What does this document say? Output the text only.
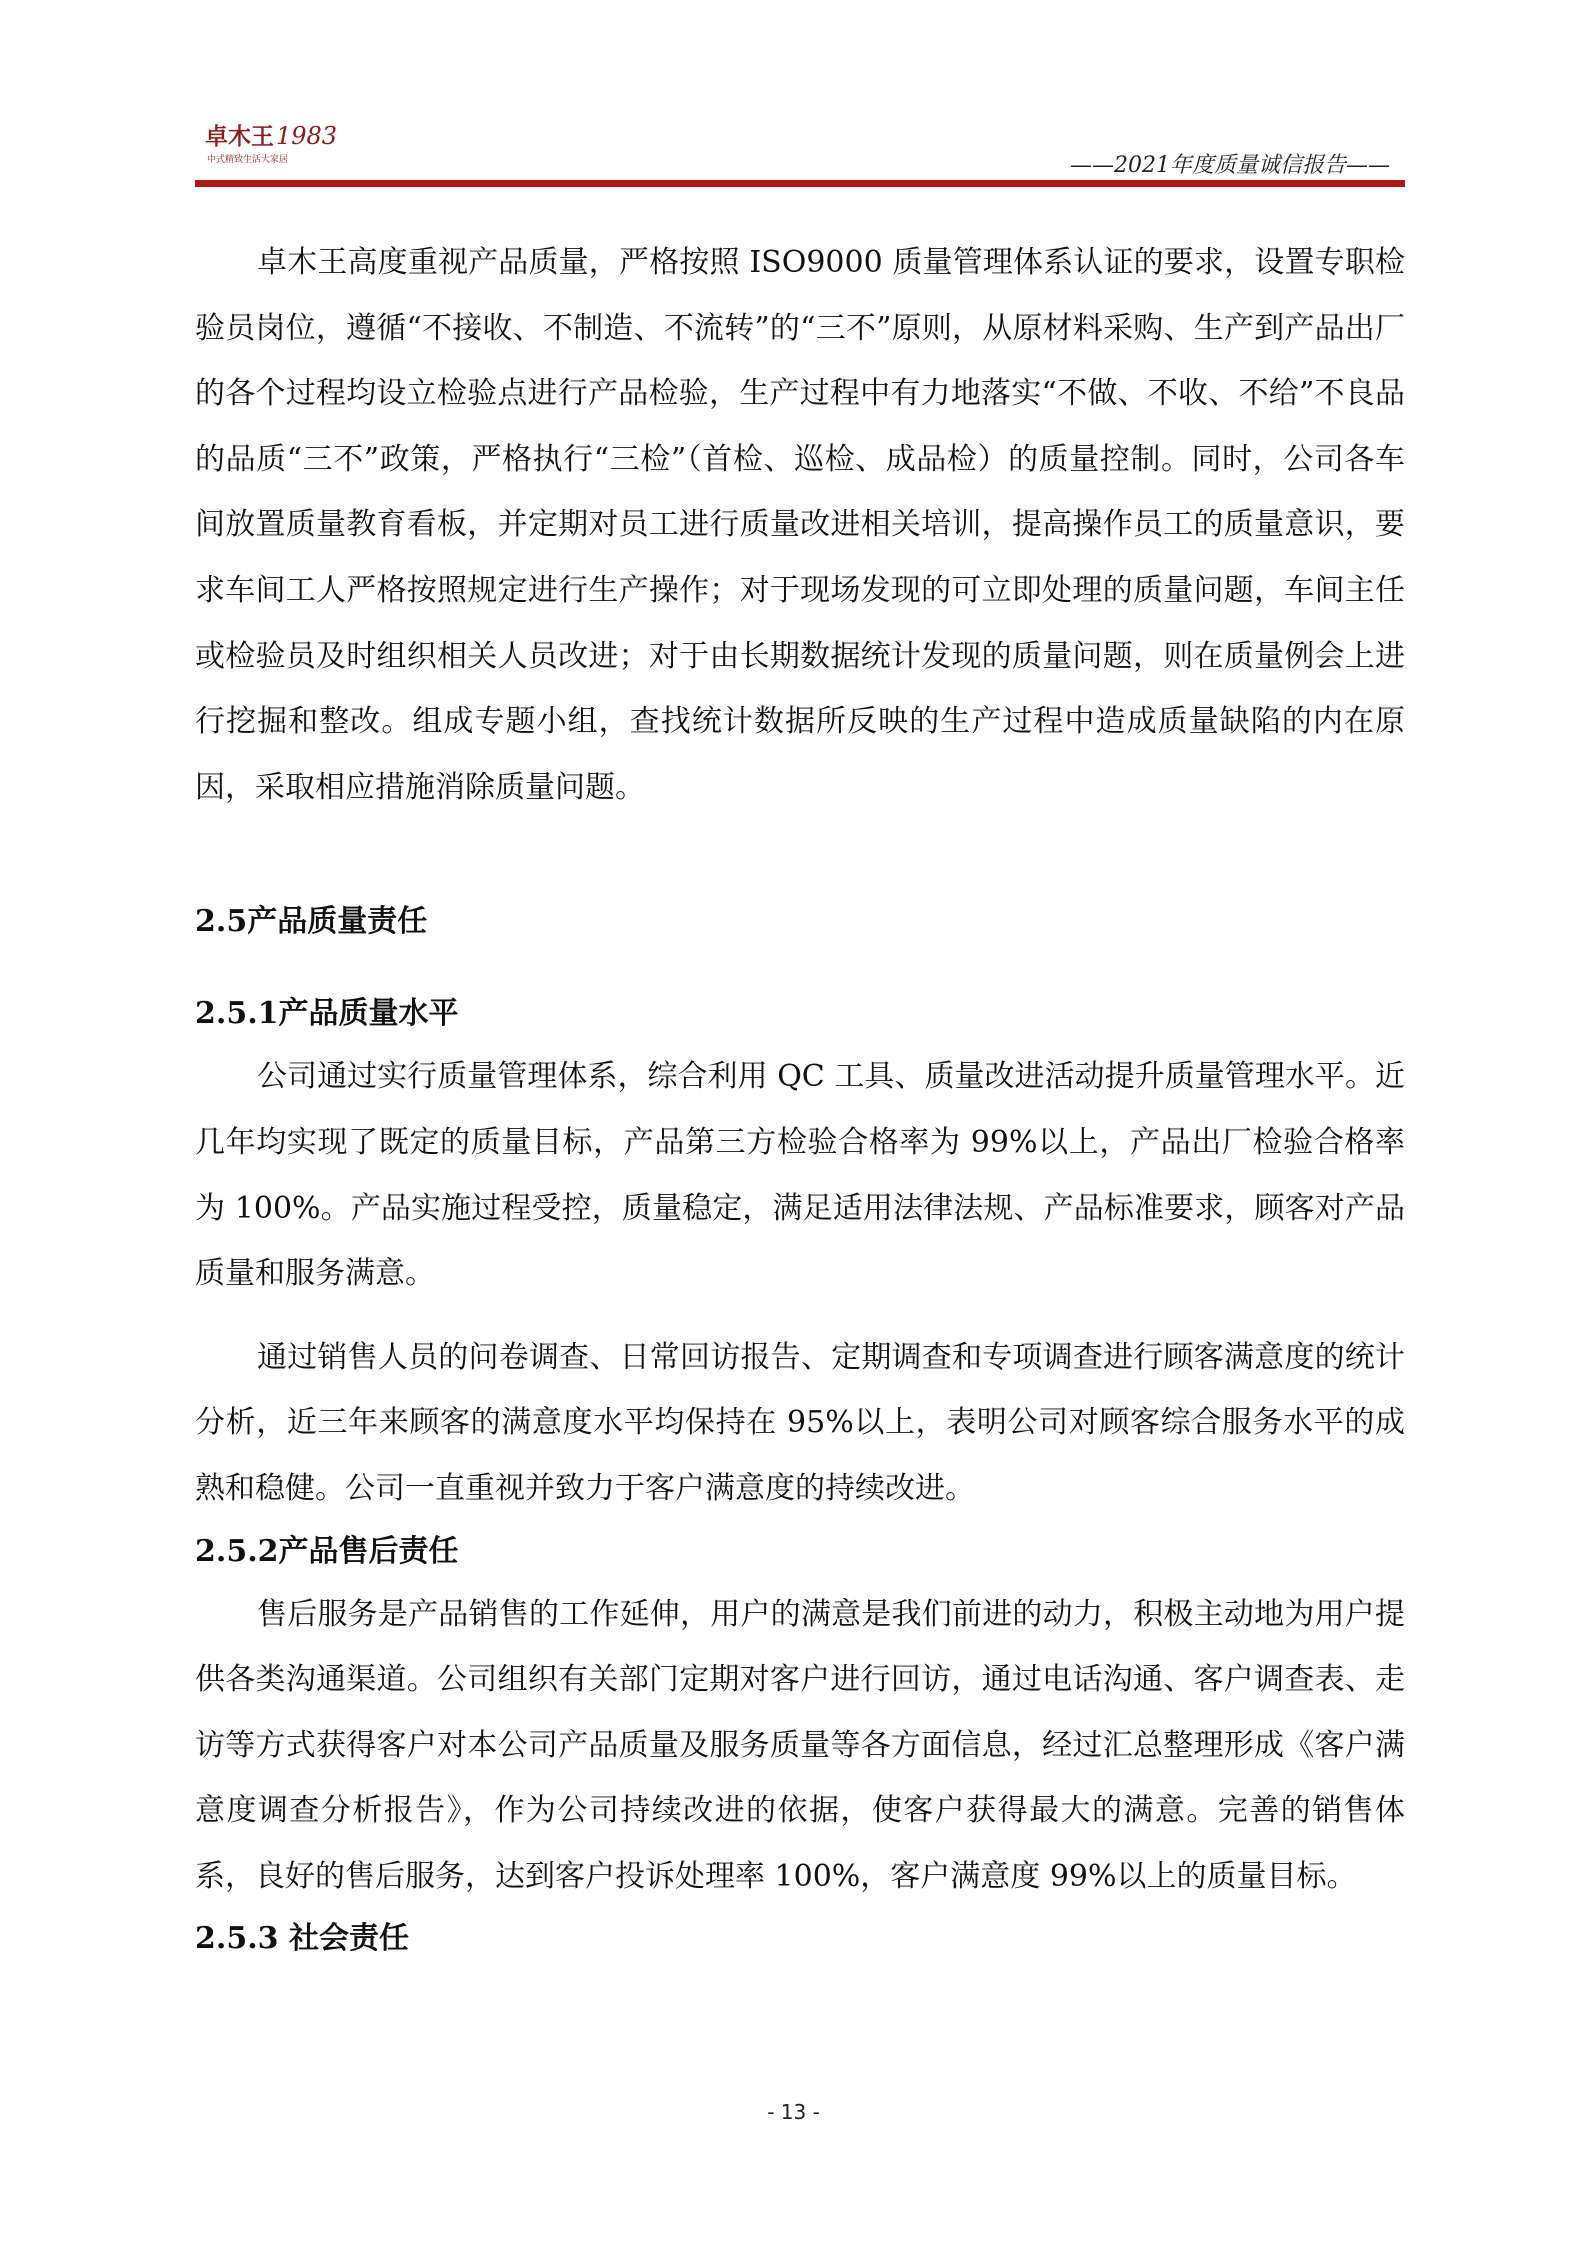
卓木王1983
中式精致生活大家居	——2021年度质量诚信报告——

卓木王高度重视产品质量，严格按照 ISO9000 质量管理体系认证的要求，设置专职检验员岗位，遵循“不接收、不制造、不流转”的“三不”原则，从原材料采购、生产到产品出厂的各个过程均设立检验点进行产品检验，生产过程中有力地落实“不做、不收、不给”不良品的品质“三不”政策，严格执行“三检”（首检、巡检、成品检）的质量控制。同时，公司各车间放置质量教育看板，并定期对员工进行质量改进相关培训，提高操作员工的质量意识，要求车间工人严格按照规定进行生产操作；对于现场发现的可立即处理的质量问题，车间主任或检验员及时组织相关人员改进；对于由长期数据统计发现的质量问题，则在质量例会上进行挖掘和整改。组成专题小组，查找统计数据所反映的生产过程中造成质量缺陷的内在原因，采取相应措施消除质量问题。

2.5产品质量责任
2.5.1产品质量水平

公司通过实行质量管理体系，综合利用 QC 工具、质量改进活动提升质量管理水平。近几年均实现了既定的质量目标，产品第三方检验合格率为 99%以上，产品出厂检验合格率为 100%。产品实施过程受控，质量稳定，满足适用法律法规、产品标准要求，顾客对产品质量和服务满意。

通过销售人员的问卷调查、日常回访报告、定期调查和专项调查进行顾客满意度的统计分析，近三年来顾客的满意度水平均保持在 95%以上，表明公司对顾客综合服务水平的成熟和稳健。公司一直重视并致力于客户满意度的持续改进。

2.5.2产品售后责任

售后服务是产品销售的工作延伸，用户的满意是我们前进的动力，积极主动地为用户提供各类沟通渠道。公司组织有关部门定期对客户进行回访，通过电话沟通、客户调查表、走访等方式获得客户对本公司产品质量及服务质量等各方面信息，经过汇总整理形成《客户满意度调查分析报告》，作为公司持续改进的依据，使客户获得最大的满意。完善的销售体系，良好的售后服务，达到客户投诉处理率 100%，客户满意度 99%以上的质量目标。

2.5.3 社会责任
- 13 -
